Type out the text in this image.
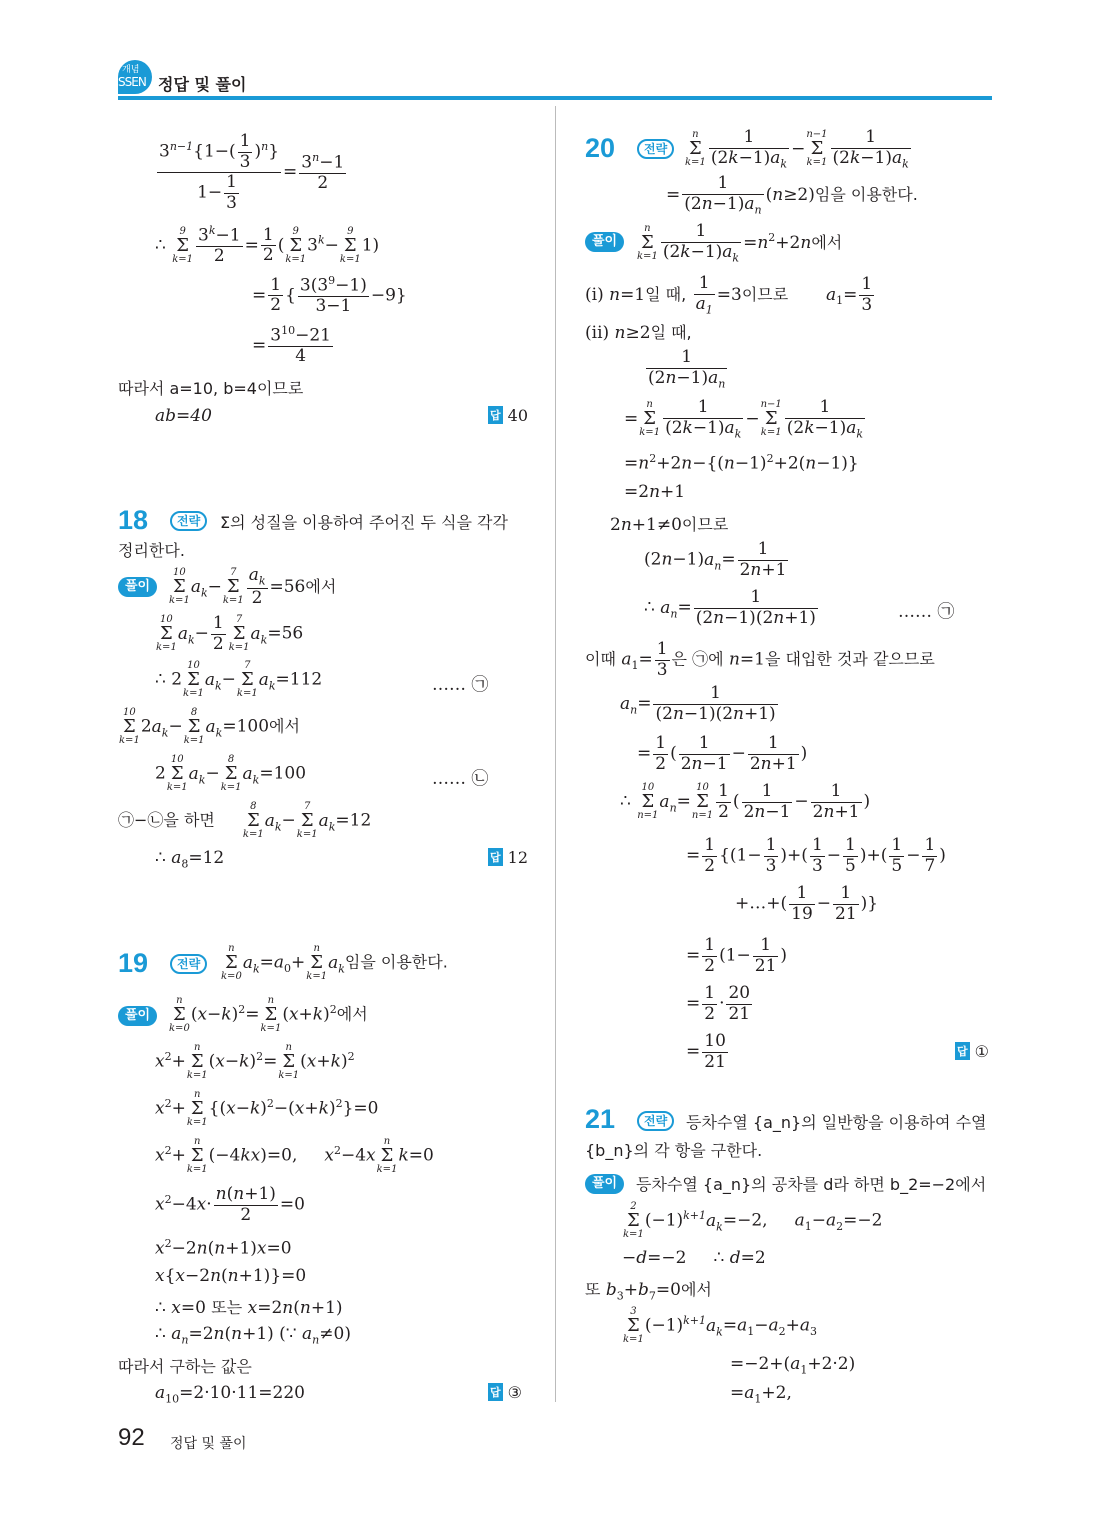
개념
SSEN 정답 및 풀이
$\frac{3^{n-1}\{1-( \frac{1}{3} )^n\}}{1- \frac{1}{3}} = \frac{3^n-1}{2}$
∴
9
Σ
$k=1 \frac{3^k-1}{2} = \frac{1}{2}$ (
9
Σ
k=1
$3^k-$
9
Σ
k=1
1)
= $\frac{1}{2}$ { $\frac{3(3^9-1)}{3-1} -9$}
= $\frac{3^{10}-21}{4}$
따라서 a=10, b=4이므로
ab=40	답 40
18	전략	Σ의 성질을 이용하여 주어진 두 식을 각각
정리한다.
풀이
10
Σ
k=1
$a_k-$
7
Σ
$k=1 \frac{a_k}{2} =56$에서
10
Σ
k=1
$a_k- \frac{1}{2}$	7
Σ
k=1
$a_k=56$
∴ 2
10
Σ
k=1
$a_k-$
7
Σ
k=1
$a_k=112$	…… ㉠
10
Σ
k=1
$2a_k-$
8
Σ
k=1
$a_k=100$에서
2
10
Σ
k=1
$a_k-$
8
Σ
k=1
$a_k=100$	…… ㉡
㉠−㉡을 하면
8
Σ
k=1
$a_k-$
7
Σ
k=1
$a_k=12$
∴ $a_8=12$	답 12
19	전략
n
Σ
k=0
$a_k=a_0+$
n
Σ
k=1
$a_k$임을 이용한다.
풀이
n
Σ
k=0
$(x-k)^2=$
n
Σ
k=1
$(x+k)^2$에서
$x^2+$
n
Σ
k=1
$(x-k)^2=$
n
Σ
k=1
$(x+k)^2$
$x^2+$
n
Σ
k=1
$\{(x-k)^2-(x+k)^2\}=0$
$x^2+$
n
Σ
k=1
(−4kx)=0,     $x^2-4x$
n
Σ
k=1
k=0
$x^2-4x\cdot \frac{n(n+1)}{2} =0$
$x^2-2n(n+1)x=0$
x{x−2n(n+1)}=0
∴ x=0 또는 x=2n(n+1)
∴ $a_n=2n(n+1)$ (∵ $a_n\ne 0$)
따라서 구하는 값은
$a_{10}=2\cdot 10\cdot 11=220$	답 ③
20	전략
n
Σ
$k=1 \frac{1}{(2k-1)a_k}$ −
n−1
Σ
$k=1 \frac{1}{(2k-1)a_k}$
= $\frac{1}{(2n-1)a_n} (n\ge 2)$임을 이용한다.
풀이
n
Σ
$k=1 \frac{1}{(2k-1)a_k} =n^2+2n$에서
(i) n=1일 때, $\frac{1}{a_1} =3$이므로 $a_1= \frac{1}{3}$
(ii) n≥2일 때,
$\frac{1}{(2n-1)a_n}$
=
n
Σ
$k=1 \frac{1}{(2k-1)a_k}$ −
n−1
Σ
$k=1 \frac{1}{(2k-1)a_k}$
$=n^2+2n-\{(n-1)^2+2(n-1)\}$
=2n+1
2n+1≠0이므로
$(2n-1)a_n= \frac{1}{2n+1}$
∴ $a_n= \frac{1}{(2n-1)(2n+1)}$	…… ㉠
이때 $a_1= \frac{1}{3}$ 은 ㉠에 n=1을 대입한 것과 같으므로
$a_n= \frac{1}{(2n-1)(2n+1)}$
= $\frac{1}{2}$ ( $\frac{1}{2n-1} - \frac{1}{2n+1}$ )
∴
10
Σ
n=1
$a_n=$
10
Σ
$n=1 \frac{1}{2}$ ( $\frac{1}{2n-1} - \frac{1}{2n+1}$ )
= $\frac{1}{2} \{(1- \frac{1}{3}$ )+( $\frac{1}{3} - \frac{1}{5}$ )+( $\frac{1}{5} - \frac{1}{7}$ )
+…+( $\frac{1}{19} - \frac{1}{21}$ )}
= $\frac{1}{2} (1- \frac{1}{21}$ )
= $\frac{1}{2} \cdot \frac{20}{21}$
= $\frac{10}{21}$	답 ①
21	전략	등차수열 {a_n}의 일반항을 이용하여 수열
{b_n}의 각 항을 구한다.
풀이	등차수열 {a_n}의 공차를 d라 하면 b_2=−2에서
2
Σ
k=1
$(-1)^{k+1}a_k=-2$,     $a_1-a_2=-2$
−d=−2     ∴ d=2
또 $b_3+b_7=0$에서
3
Σ
k=1
$(-1)^{k+1}a_k=a_1-a_2+a_3$
$=-2+(a_1+2\cdot 2)$
$=a_1+2$,
92 정답 및 풀이
